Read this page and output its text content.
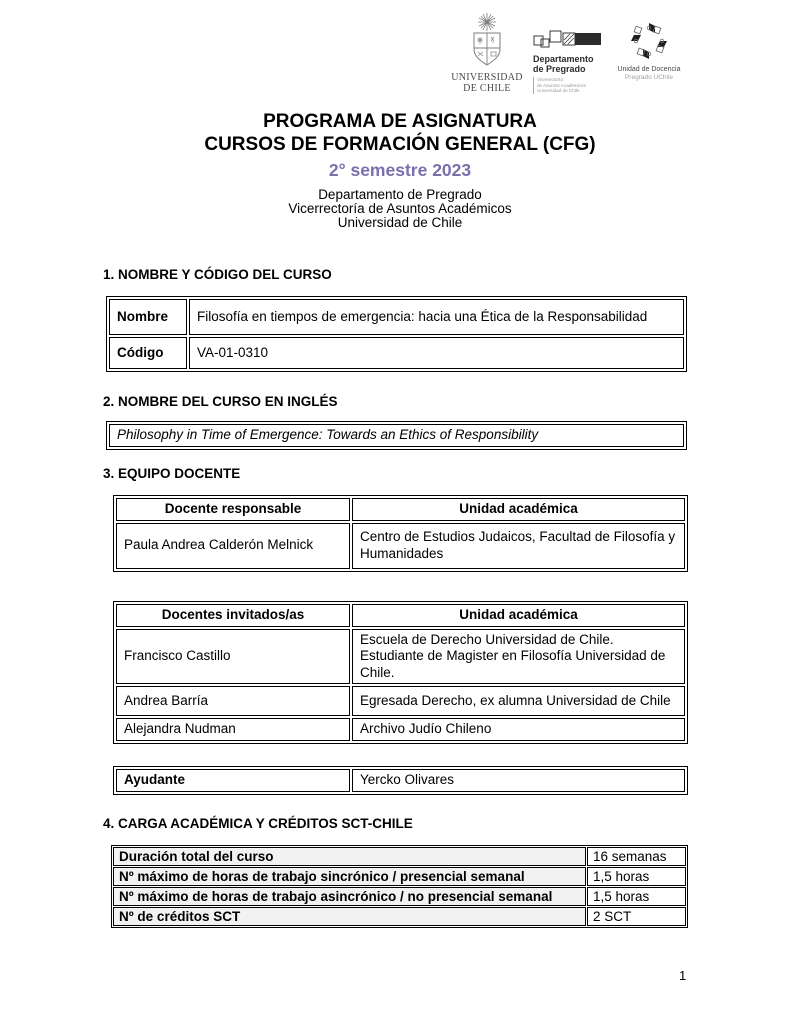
UNIVERSIDAD
DE CHILE
Departamento
de Pregrado
Vicerrectoría
de Asuntos Académicos
Universidad de Chile
Unidad de Docencia
Pregrado UChile
PROGRAMA DE ASIGNATURA
CURSOS DE FORMACIÓN GENERAL (CFG)
2° semestre 2023
Departamento de Pregrado
Vicerrectoría de Asuntos Académicos
Universidad de Chile
1. NOMBRE Y CÓDIGO DEL CURSO
Nombre	Filosofía en tiempos de emergencia: hacia una Ética de la Responsabilidad
Código	VA-01-0310
2. NOMBRE DEL CURSO EN INGLÉS
Philosophy in Time of Emergence: Towards an Ethics of Responsibility
3. EQUIPO DOCENTE
Docente responsable	Unidad académica
Paula Andrea Calderón Melnick	Centro de Estudios Judaicos, Facultad de Filosofía y Humanidades
Docentes invitados/as	Unidad académica
Francisco Castillo	Escuela de Derecho Universidad de Chile. Estudiante de Magister en Filosofía Universidad de Chile.
Andrea Barría	Egresada Derecho, ex alumna Universidad de Chile
Alejandra Nudman	Archivo Judío Chileno
Ayudante	Yercko Olivares
4. CARGA ACADÉMICA Y CRÉDITOS SCT-CHILE
Duración total del curso	16 semanas
Nº máximo de horas de trabajo sincrónico / presencial semanal	1,5 horas
Nº máximo de horas de trabajo asincrónico / no presencial semanal	1,5 horas
Nº de créditos SCT	2 SCT
1
